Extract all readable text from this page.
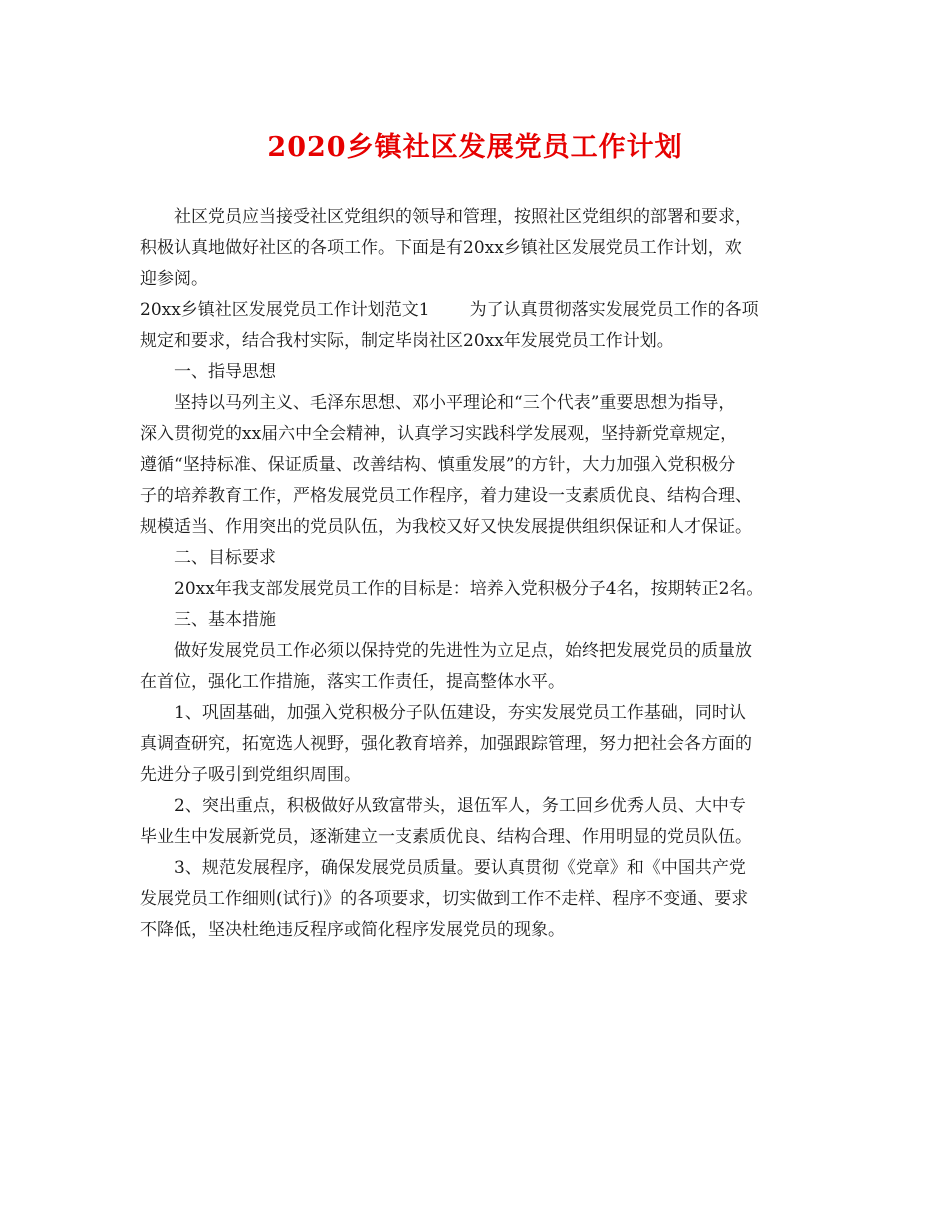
2020乡镇社区发展党员工作计划
社区党员应当接受社区党组织的领导和管理，按照社区党组织的部署和要求，
积极认真地做好社区的各项工作。下面是有20xx乡镇社区发展党员工作计划，欢
迎参阅。
20xx乡镇社区发展党员工作计划范文1 为了认真贯彻落实发展党员工作的各项
规定和要求，结合我村实际，制定毕岗社区20xx年发展党员工作计划。
一、指导思想
坚持以马列主义、毛泽东思想、邓小平理论和“三个代表”重要思想为指导，
深入贯彻党的xx届六中全会精神，认真学习实践科学发展观，坚持新党章规定，
遵循“坚持标准、保证质量、改善结构、慎重发展”的方针，大力加强入党积极分
子的培养教育工作，严格发展党员工作程序，着力建设一支素质优良、结构合理、
规模适当、作用突出的党员队伍，为我校又好又快发展提供组织保证和人才保证。
二、目标要求
20xx年我支部发展党员工作的目标是：培养入党积极分子4名，按期转正2名。
三、基本措施
做好发展党员工作必须以保持党的先进性为立足点，始终把发展党员的质量放
在首位，强化工作措施，落实工作责任，提高整体水平。
1、巩固基础，加强入党积极分子队伍建设，夯实发展党员工作基础，同时认
真调查研究，拓宽选人视野，强化教育培养，加强跟踪管理，努力把社会各方面的
先进分子吸引到党组织周围。
2、突出重点，积极做好从致富带头，退伍军人，务工回乡优秀人员、大中专
毕业生中发展新党员，逐渐建立一支素质优良、结构合理、作用明显的党员队伍。
3、规范发展程序，确保发展党员质量。要认真贯彻《党章》和《中国共产党
发展党员工作细则(试行)》的各项要求，切实做到工作不走样、程序不变通、要求
不降低，坚决杜绝违反程序或简化程序发展党员的现象。
